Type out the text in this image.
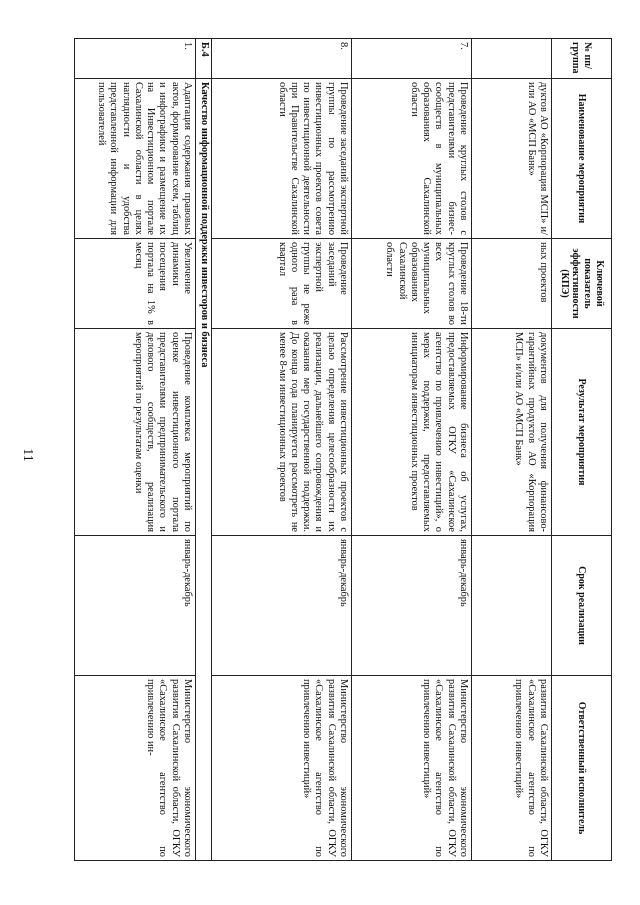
11
№ пп/ группа	Наименование мероприятия	Ключевой показатель эффективности (КПЭ)	Результат мероприятия	Срок реализации	Ответственный исполнитель
	дуктов АО «Корпорация МСП» и/или АО «МСП Банк»	ных проектов	документов для получения финансово-гарантийных продуктов АО «Корпорация МСП» и/или АО «МСП Банк»		развития Сахалинской области, ОГКУ «Сахалинское агентство по привлечению инвестиций»
7.	Проведение круглых столов с представителями бизнес-сообществ в муниципальных образованиях Сахалинской области	Проведение 18-ти круглых столов во всех муниципальных образованиях Сахалинской области	Информирование бизнеса об услугах, предоставляемых ОГКУ «Сахалинское агентство по привлечению инвестиций», о мерах поддержки, предоставляемых инициаторам инвестиционных проектов	январь-декабрь	Министерство экономического развития Сахалинской области, ОГКУ «Сахалинское агентство по привлечению инвестиций»
8.	Проведение заседаний экспертной группы по рассмотрению инвестиционных проектов совета по инвестиционной деятельности при Правительстве Сахалинской области	Проведение заседаний экспертной группы не реже одного раза в квартал	Рассмотрение инвестиционных проектов с целью определения целесообразности их реализации, дальнейшего сопровождения и оказания мер государственной поддержки. До конца года планируется рассмотреть не менее 8-ми инвестиционных проектов	январь-декабрь	Министерство экономического развития Сахалинской области, ОГКУ «Сахалинское агентство по привлечению инвестиций»
Б.4	Качество информационной поддержки инвесторов и бизнеса				
1.	Адаптация содержания правовых актов, формирование схем, таблиц и инфографики и размещение их на Инвестиционном портале Сахалинской области в целях наглядности и удобства представленной информации для пользователей	Увеличение динамики посещения портала на 1% в месяц	Проведение комплекса мероприятий по оценке инвестиционного портала представителями предпринимательского и делового сообществ, реализация мероприятий по результатам оценки	январь-декабрь	Министерство экономического развития Сахалинской области, ОГКУ «Сахалинское агентство по привлечению ин-
